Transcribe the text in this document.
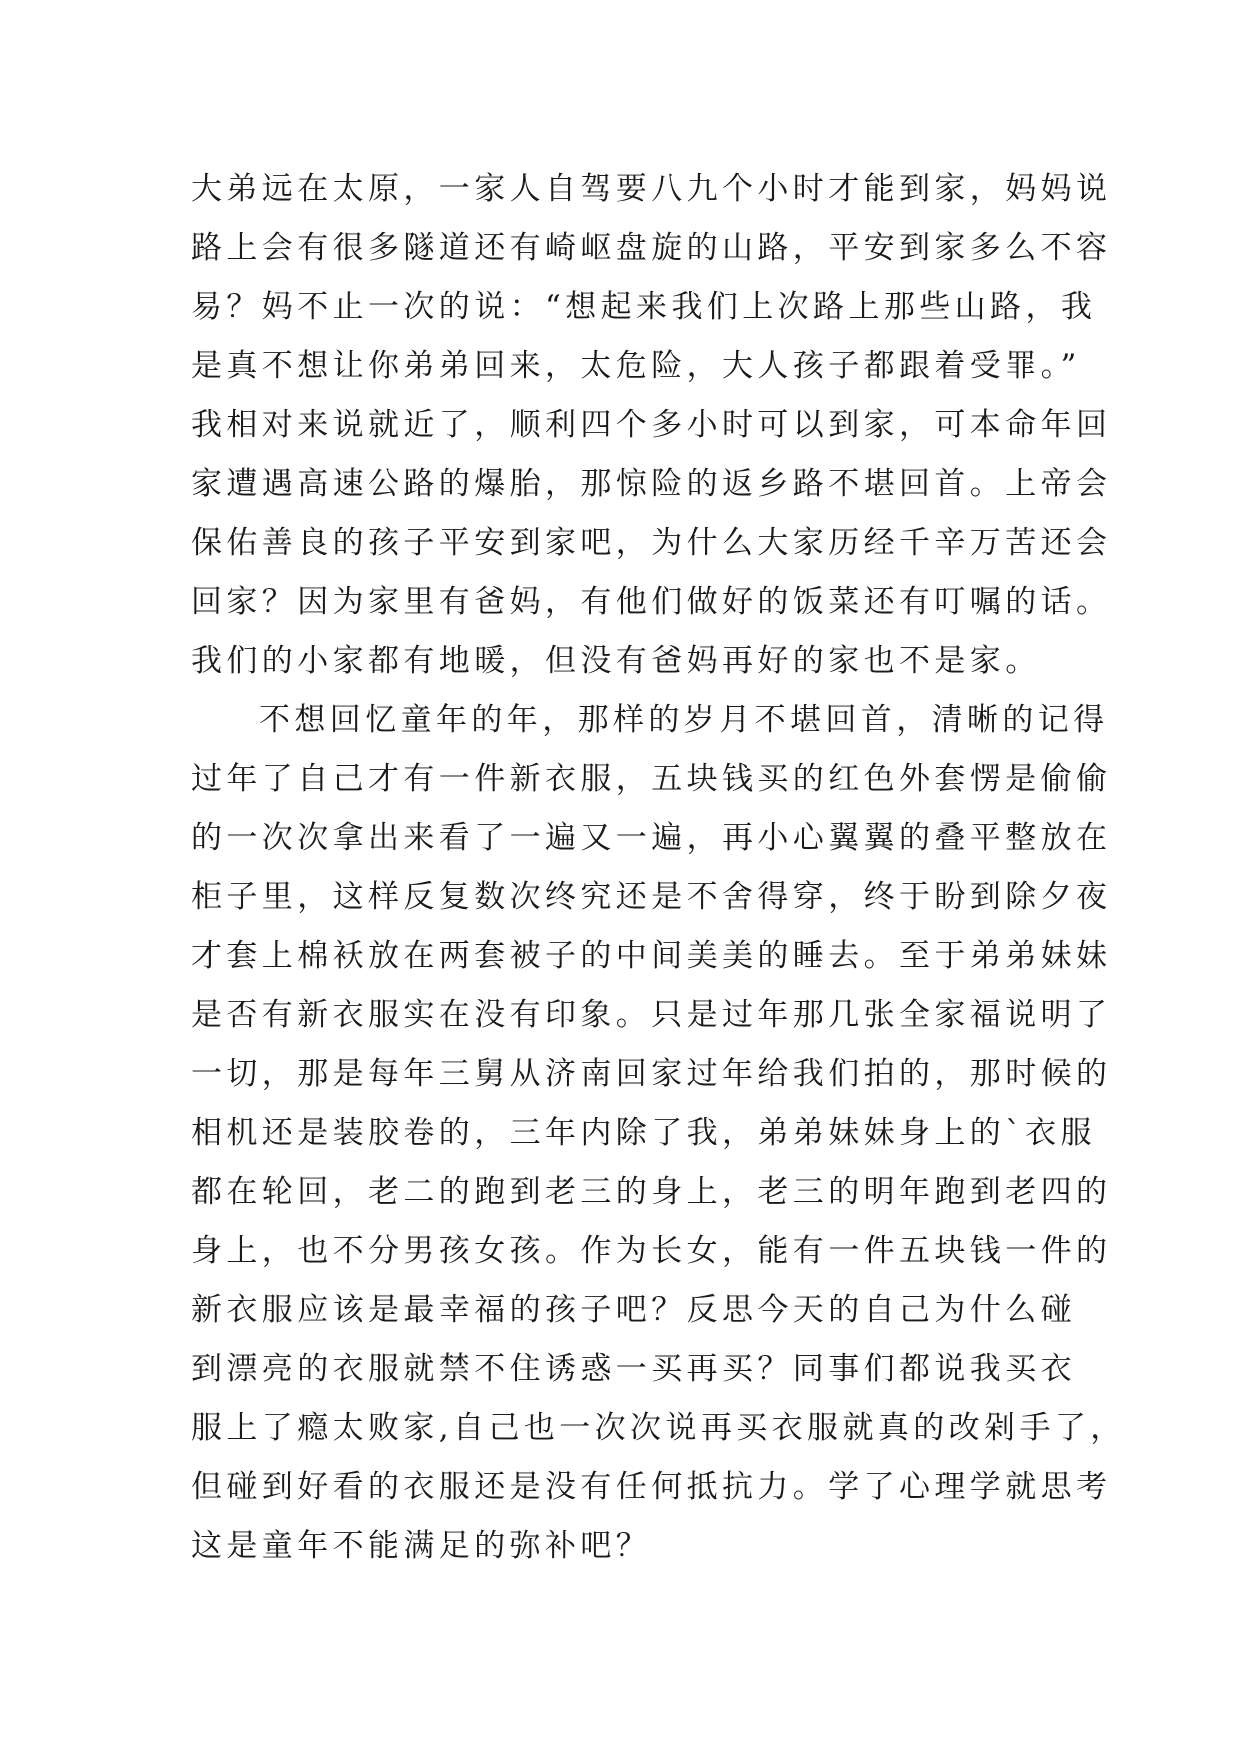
大弟远在太原，一家人自驾要八九个小时才能到家，妈妈说
路上会有很多隧道还有崎岖盘旋的山路，平安到家多么不容
易？妈不止一次的说：“想起来我们上次路上那些山路，我
是真不想让你弟弟回来，太危险，大人孩子都跟着受罪。”
我相对来说就近了，顺利四个多小时可以到家，可本命年回
家遭遇高速公路的爆胎，那惊险的返乡路不堪回首。上帝会
保佑善良的孩子平安到家吧，为什么大家历经千辛万苦还会
回家？因为家里有爸妈，有他们做好的饭菜还有叮嘱的话。
我们的小家都有地暖，但没有爸妈再好的家也不是家。
不想回忆童年的年，那样的岁月不堪回首，清晰的记得
过年了自己才有一件新衣服，五块钱买的红色外套愣是偷偷
的一次次拿出来看了一遍又一遍，再小心翼翼的叠平整放在
柜子里，这样反复数次终究还是不舍得穿，终于盼到除夕夜
才套上棉袄放在两套被子的中间美美的睡去。至于弟弟妹妹
是否有新衣服实在没有印象。只是过年那几张全家福说明了
一切，那是每年三舅从济南回家过年给我们拍的，那时候的
相机还是装胶卷的，三年内除了我，弟弟妹妹身上的`衣服
都在轮回，老二的跑到老三的身上，老三的明年跑到老四的
身上，也不分男孩女孩。作为长女，能有一件五块钱一件的
新衣服应该是最幸福的孩子吧？反思今天的自己为什么碰
到漂亮的衣服就禁不住诱惑一买再买？同事们都说我买衣
服上了瘾太败家,自己也一次次说再买衣服就真的改剁手了，
但碰到好看的衣服还是没有任何抵抗力。学了心理学就思考
这是童年不能满足的弥补吧？
